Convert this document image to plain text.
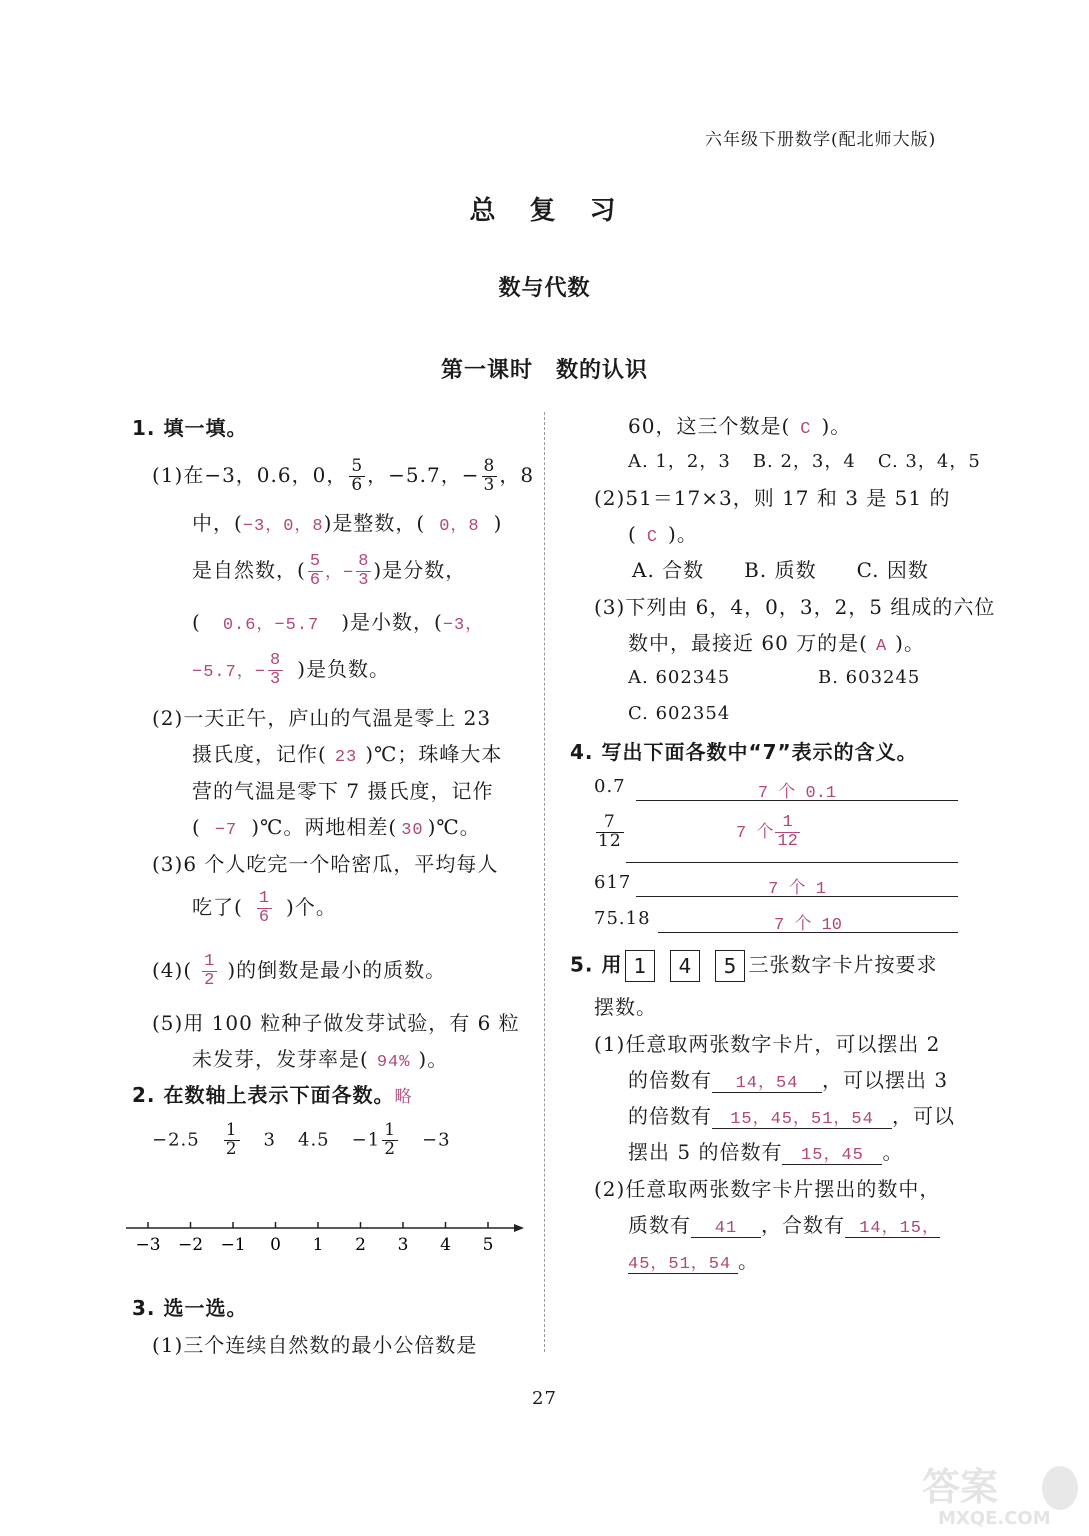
六年级下册数学(配北师大版)
总　复　习
数与代数
第一课时　数的认识
1. 填一填。
(1)在−3，0.6，0， $\frac{5}{6}$ ，−5.7，− $\frac{8}{3}$ ，8
中，(−3，0，8)是整数，( 0，8 )
是自然数，( $\frac{5}{6}$ ，− $\frac{8}{3}$ )是分数，
( 0.6，−5.7 )是小数，(−3，
−5.7，− $\frac{8}{3}$ )是负数。
(2)一天正午，庐山的气温是零上 23
摄氏度，记作( 23 )℃；珠峰大本
营的气温是零下 7 摄氏度，记作
( −7 )℃。两地相差( 30 )℃。
(3)6 个人吃完一个哈密瓜，平均每人
吃了( $\frac{1}{6}$ )个。
$(4)( \frac{1}{2}$ )的倒数是最小的质数。
(5)用 100 粒种子做发芽试验，有 6 粒
未发芽，发芽率是( 94% )。
2. 在数轴上表示下面各数。略
$-2.5 \frac{1}{2} 3$ $4.5 -1 \frac{1}{2} -3$
−3 −2 −1 0 1 2 3 4 5
3. 选一选。
(1)三个连续自然数的最小公倍数是
60，这三个数是( C )。
A. 1，2，3 B. 2，3，4 C. 3，4，5
(2)51＝17×3，则 17 和 3 是 51 的
( C )。
A. 合数 B. 质数 C. 因数
(3)下列由 6，4，0，3，2，5 组成的六位
数中，最接近 60 万的是( A )。
A. 602345	B. 603245
C. 602354
4. 写出下面各数中“7”表示的含义。
0.7	7 个 0.1
$\frac{7}{12}$	7 个 $\frac{1}{12}$
617	7 个 1
75.18	7 个 10
5. 用 1 4 5 三张数字卡片按要求
摆数。
(1)任意取两张数字卡片，可以摆出 2
的倍数有 14，54 ，可以摆出 3
的倍数有 15，45，51，54 ，可以
摆出 5 的倍数有 15，45 。
(2)任意取两张数字卡片摆出的数中，
质数有 41 ，合数有 14，15，
45，51，54 。
27
答案
MXQE.COM
